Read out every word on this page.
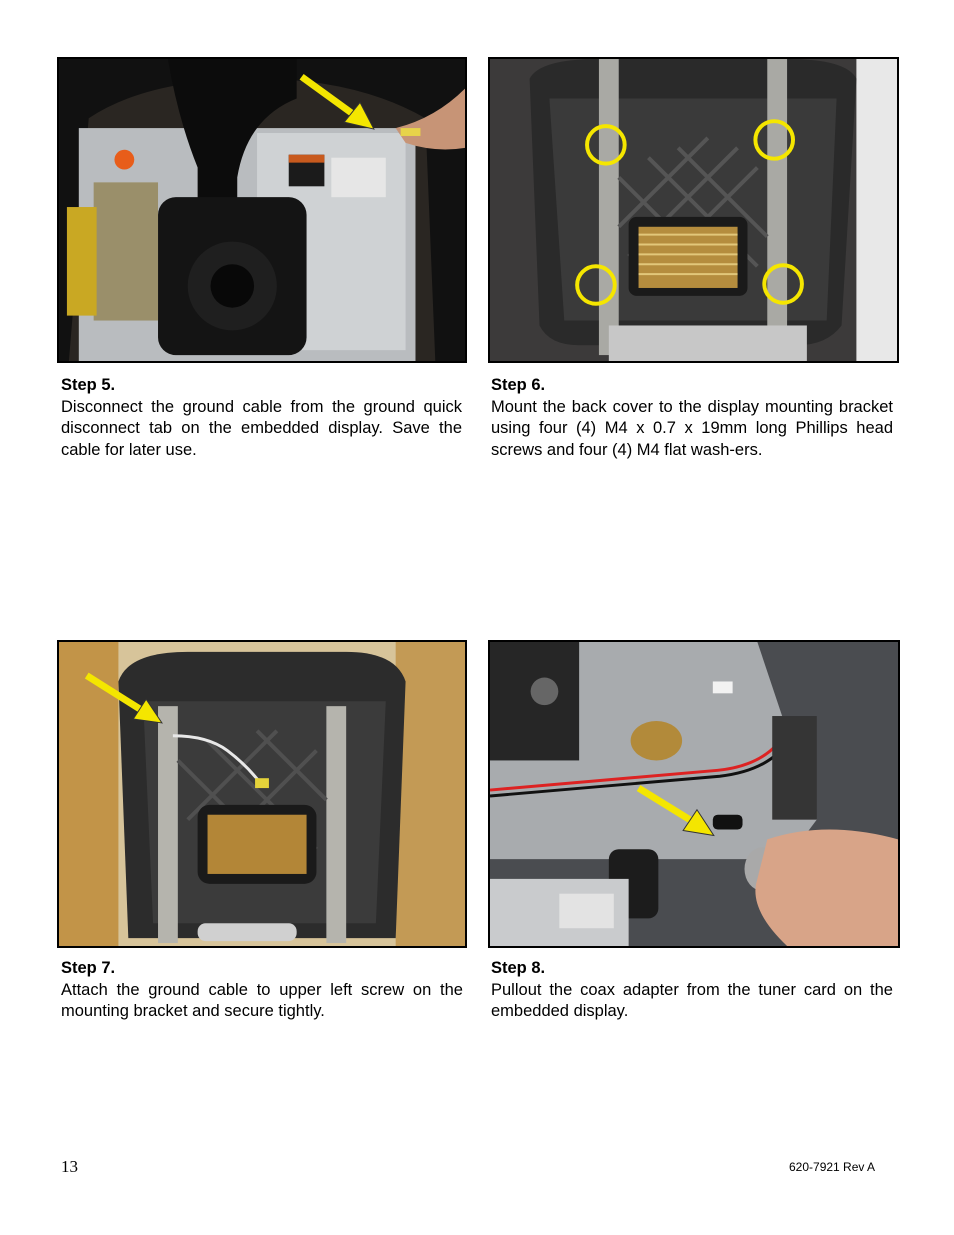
Step 5.
Disconnect the ground cable from the ground quick disconnect tab on the embedded display. Save the cable for later use.
Step 6.
Mount the back cover to the display mounting bracket using four (4) M4 x 0.7 x 19mm long Phillips head screws and four (4) M4 flat wash-ers.
Step 7.
Attach the ground cable to upper left screw on the mounting bracket and secure tightly.
Step 8.
Pullout the coax adapter from the tuner card on the embedded display.
13	620-7921 Rev A
